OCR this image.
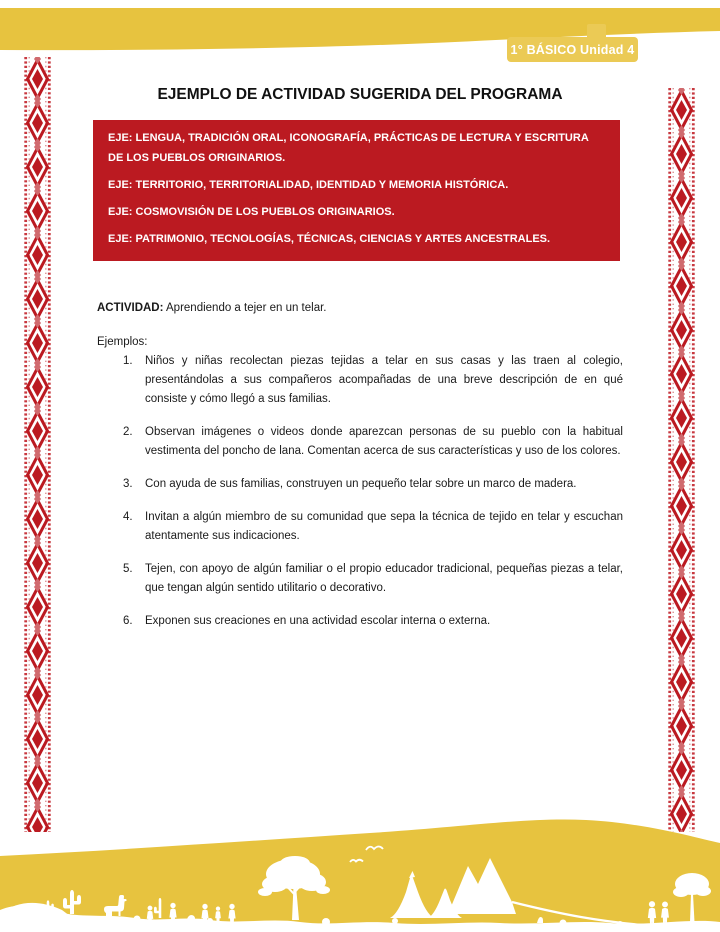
1° BÁSICO Unidad 4
EJEMPLO DE ACTIVIDAD SUGERIDA DEL PROGRAMA

EJE: LENGUA, TRADICIÓN ORAL, ICONOGRAFÍA, PRÁCTICAS DE LECTURA Y ESCRITURA DE LOS PUEBLOS ORIGINARIOS.

EJE: TERRITORIO, TERRITORIALIDAD, IDENTIDAD Y MEMORIA HISTÓRICA.

EJE: COSMOVISIÓN DE LOS PUEBLOS ORIGINARIOS.

EJE: PATRIMONIO, TECNOLOGÍAS, TÉCNICAS, CIENCIAS Y ARTES ANCESTRALES.

ACTIVIDAD: Aprendiendo a tejer en un telar.

Ejemplos:

1. Niños y niñas recolectan piezas tejidas a telar en sus casas y las traen al colegio, presentándolas a sus compañeros acompañadas de una breve descripción de en qué consiste y cómo llegó a sus familias.
2. Observan imágenes o videos donde aparezcan personas de su pueblo con la habitual vestimenta del poncho de lana. Comentan acerca de sus características y uso de los colores.
3. Con ayuda de sus familias, construyen un pequeño telar sobre un marco de madera.
4. Invitan a algún miembro de su comunidad que sepa la técnica de tejido en telar y escuchan atentamente sus indicaciones.
5. Tejen, con apoyo de algún familiar o el propio educador tradicional, pequeñas piezas a telar, que tengan algún sentido utilitario o decorativo.
6. Exponen sus creaciones en una actividad escolar interna o externa.
